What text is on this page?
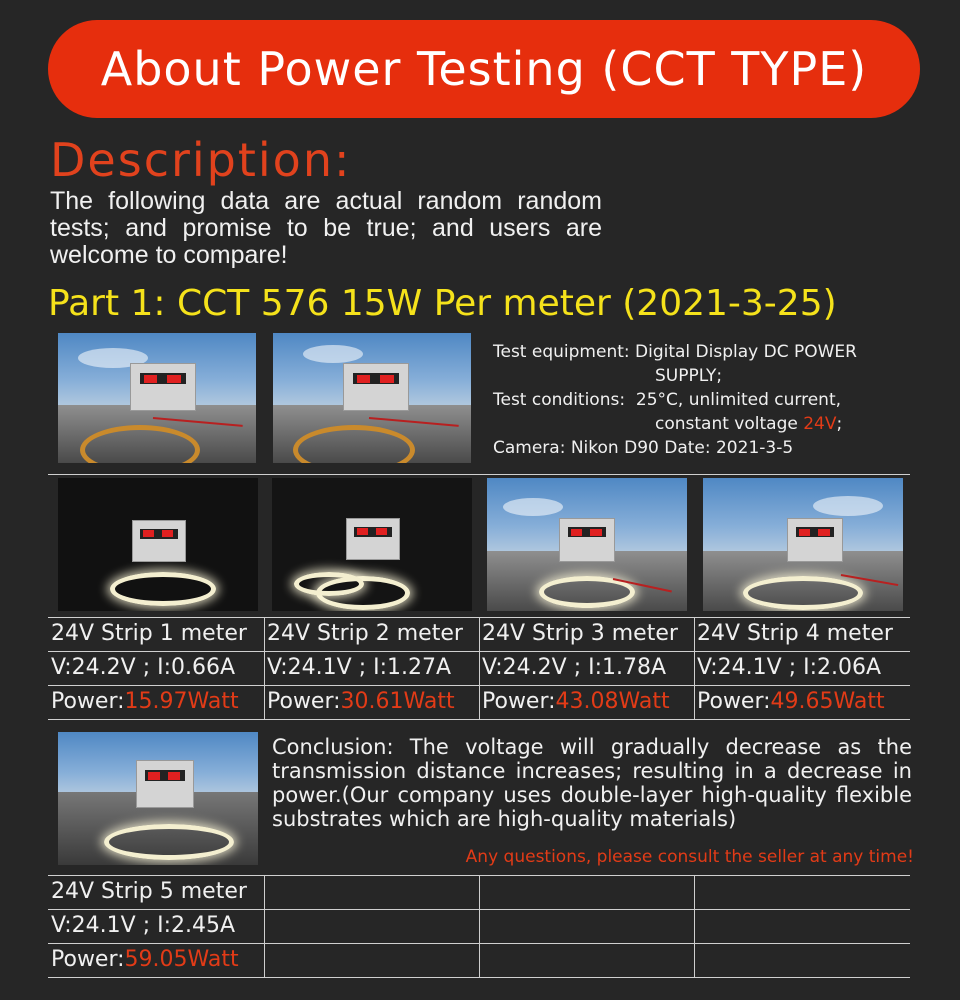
About Power Testing (CCT TYPE)
Description:
The following data are actual random random tests; and promise to be true; and users are welcome to compare!
Part 1: CCT 576 15W Per meter (2021-3-25)
Test equipment: Digital Display DC POWER
SUPPLY;
Test conditions: 25°C, unlimited current,
constant voltage 24V;
Camera: Nikon D90 Date: 2021-3-5
24V Strip 1 meter 24V Strip 2 meter 24V Strip 3 meter 24V Strip 4 meter
V:24.2V ; I:0.66A	V:24.1V ; I:1.27A	V:24.2V ; I:1.78A	V:24.1V ; I:2.06A
Power:15.97Watt	Power:30.61Watt	Power:43.08Watt	Power:49.65Watt
Conclusion: The voltage will gradually decrease as the transmission distance increases; resulting in a decrease in power.(Our company uses double-layer high-quality flexible substrates which are high-quality materials)
Any questions, please consult the seller at any time!
24V Strip 5 meter
V:24.1V ; I:2.45A
Power:59.05Watt
